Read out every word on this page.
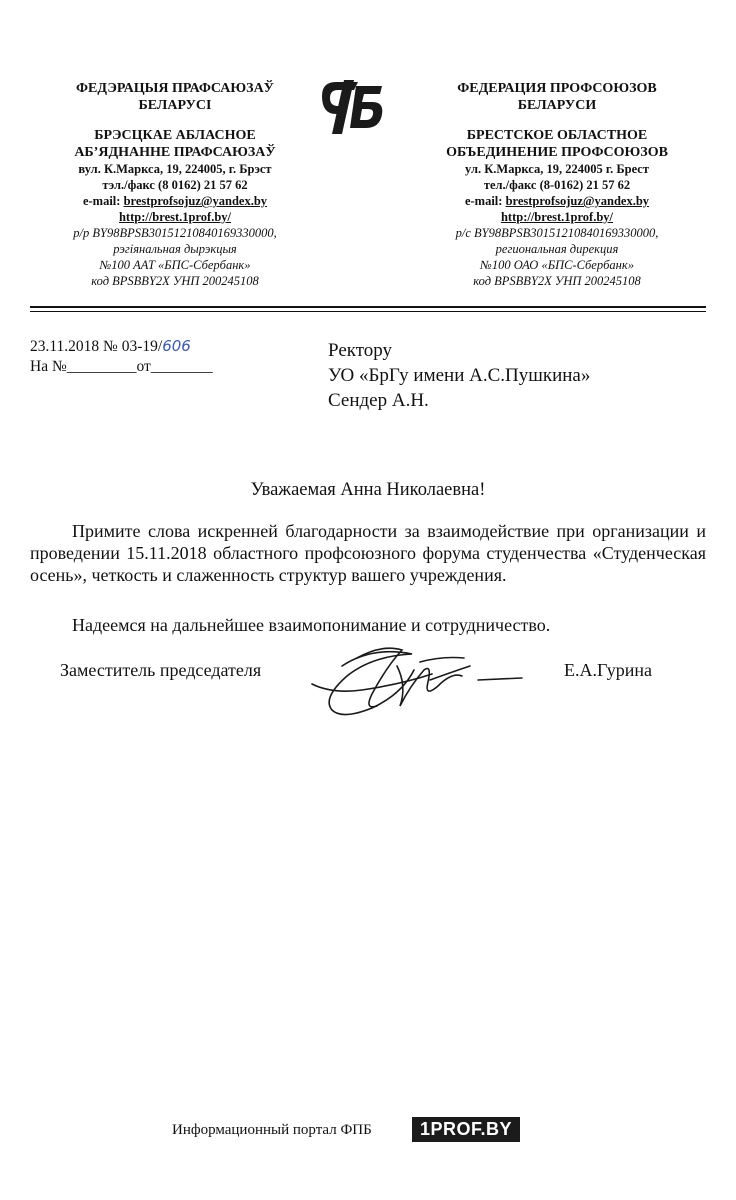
ФЕДЭРАЦЫЯ ПРАФСАЮЗАЎ
БЕЛАРУСІ
БРЭСЦКАЕ АБЛАСНОЕ
АБ’ЯДНАННЕ ПРАФСАЮЗАЎ
вул. К.Маркса, 19, 224005, г. Брэст
тэл./факс (8 0162) 21 57 62
e-mail: brestprofsojuz@yandex.by
http://brest.1prof.by/
р/р BY98BPSB30151210840169330000,
рэгіянальная дырэкцыя
№100 ААТ «БПС-Сбербанк»
код BPSBBY2X УНП 200245108
ФПБ
ФЕДЕРАЦИЯ ПРОФСОЮЗОВ
БЕЛАРУСИ
БРЕСТСКОЕ ОБЛАСТНОЕ
ОБЪЕДИНЕНИЕ ПРОФСОЮЗОВ
ул. К.Маркса, 19, 224005 г. Брест
тел./факс (8-0162) 21 57 62
e-mail: brestprofsojuz@yandex.by
http://brest.1prof.by/
р/с BY98BPSB30151210840169330000,
региональная дирекция
№100 ОАО «БПС-Сбербанк»
код BPSBBY2X УНП 200245108
23.11.2018 № 03-19/606
На №_________от________
Ректору
УО «БрГу имени А.С.Пушкина»
Сендер А.Н.
Уважаемая Анна Николаевна!
Примите слова искренней благодарности за взаимодействие при организации и проведении 15.11.2018 областного профсоюзного форума студенчества «Студенческая осень», четкость и слаженность структур вашего учреждения.
Надеемся на дальнейшее взаимопонимание и сотрудничество.
Заместитель председателя	Е.А.Гурина
Информационный портал ФПБ	1PROF.BY
